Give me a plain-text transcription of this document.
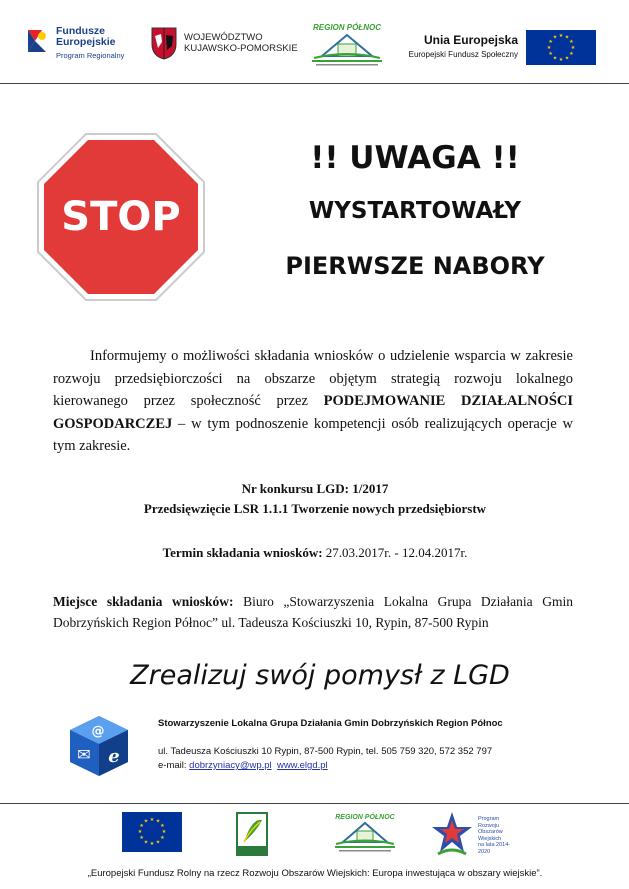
Fundusze
Europejskie
Program Regionalny
WOJEWÓDZTWO
KUJAWSKO-POMORSKIE
REGION PÓŁNOC
Unia Europejska
Europejski Fundusz Społeczny
★ ★
★
★
★
★
★
★
★
★
★
★
STOP
!! UWAGA !!
WYSTARTOWAŁY
PIERWSZE NABORY
Informujemy o możliwości składania wniosków o udzielenie wsparcia w zakresie rozwoju przedsiębiorczości na obszarze objętym strategią rozwoju lokalnego kierowanego przez społeczność przez PODEJMOWANIE DZIAŁALNOŚCI GOSPODARCZEJ – w tym podnoszenie kompetencji osób realizujących operacje w tym zakresie.
Nr konkursu LGD: 1/2017
Przedsięwzięcie LSR 1.1.1 Tworzenie nowych przedsiębiorstw
Termin składania wniosków: 27.03.2017r. - 12.04.2017r.
Miejsce składania wniosków: Biuro „Stowarzyszenia Lokalna Grupa Działania Gmin Dobrzyńskich Region Północ” ul. Tadeusza Kościuszki 10, Rypin, 87-500 Rypin
Zrealizuj swój pomysł z LGD
@
✉ e
Stowarzyszenie Lokalna Grupa Działania Gmin Dobrzyńskich Region Północ
ul. Tadeusza Kościuszki 10 Rypin, 87-500 Rypin, tel. 505 759 320, 572 352 797
e-mail: dobrzyniacy@wp.pl www.elgd.pl
★ ★
★
★
★
★
★
★
★
★
★
★
REGION PÓŁNOC	Program
Rozwoju
Obszarów
Wiejskich
na lata 2014-2020
„Europejski Fundusz Rolny na rzecz Rozwoju Obszarów Wiejskich: Europa inwestująca w obszary wiejskie”.
